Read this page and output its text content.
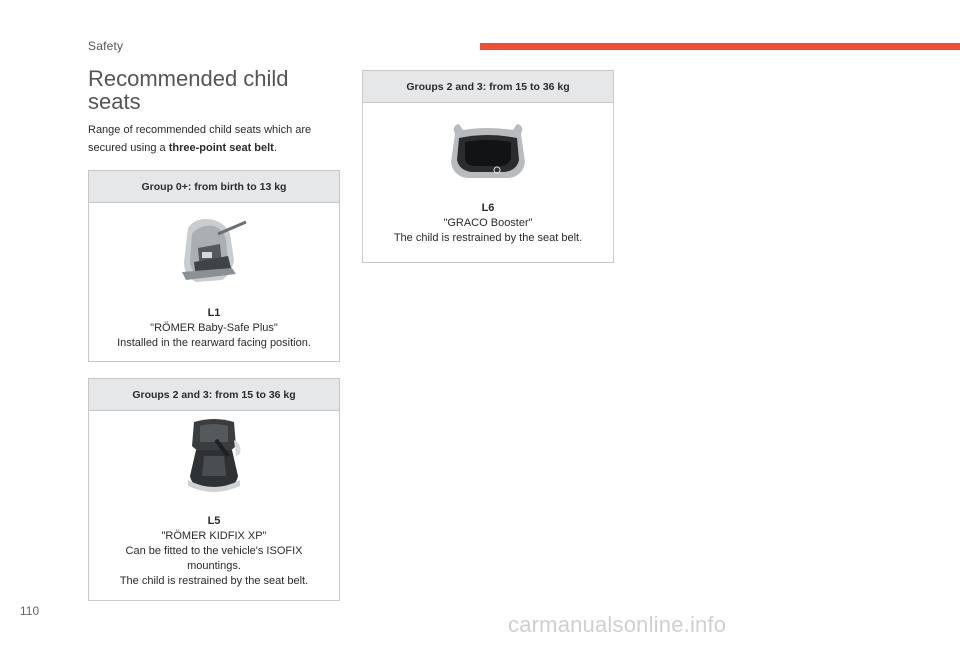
Safety
Recommended child
seats
Range of recommended child seats which are secured using a three-point seat belt.
Group 0+: from birth to 13 kg
L1
"RÖMER Baby-Safe Plus"
Installed in the rearward facing position.
Groups 2 and 3: from 15 to 36 kg
L5
"RÖMER KIDFIX XP"
Can be fitted to the vehicle's ISOFIX
mountings.
The child is restrained by the seat belt.
Groups 2 and 3: from 15 to 36 kg
L6
"GRACO Booster"
The child is restrained by the seat belt.
110
carmanualsonline.info
